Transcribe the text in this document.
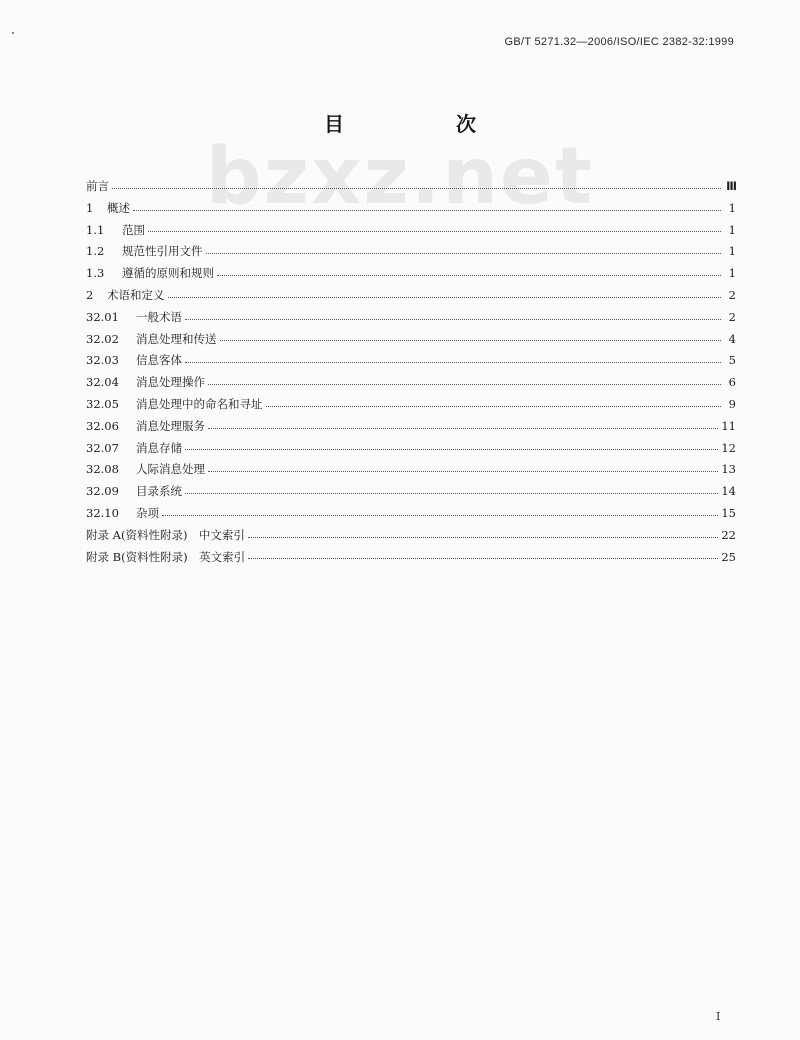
GB/T 5271.32—2006/ISO/IEC 2382-32:1999
bzxz.net
目　次
前言	Ⅲ
1	概述	1
1.1	范围	1
1.2	规范性引用文件	1
1.3	遵循的原则和规则	1
2	术语和定义	2
32.01	一般术语	2
32.02	消息处理和传送	4
32.03	信息客体	5
32.04	消息处理操作	6
32.05	消息处理中的命名和寻址	9
32.06	消息处理服务	11
32.07	消息存储	12
32.08	人际消息处理	13
32.09	目录系统	14
32.10	杂项	15
附录 A(资料性附录)　中文索引	22
附录 B(资料性附录)　英文索引	25
I
